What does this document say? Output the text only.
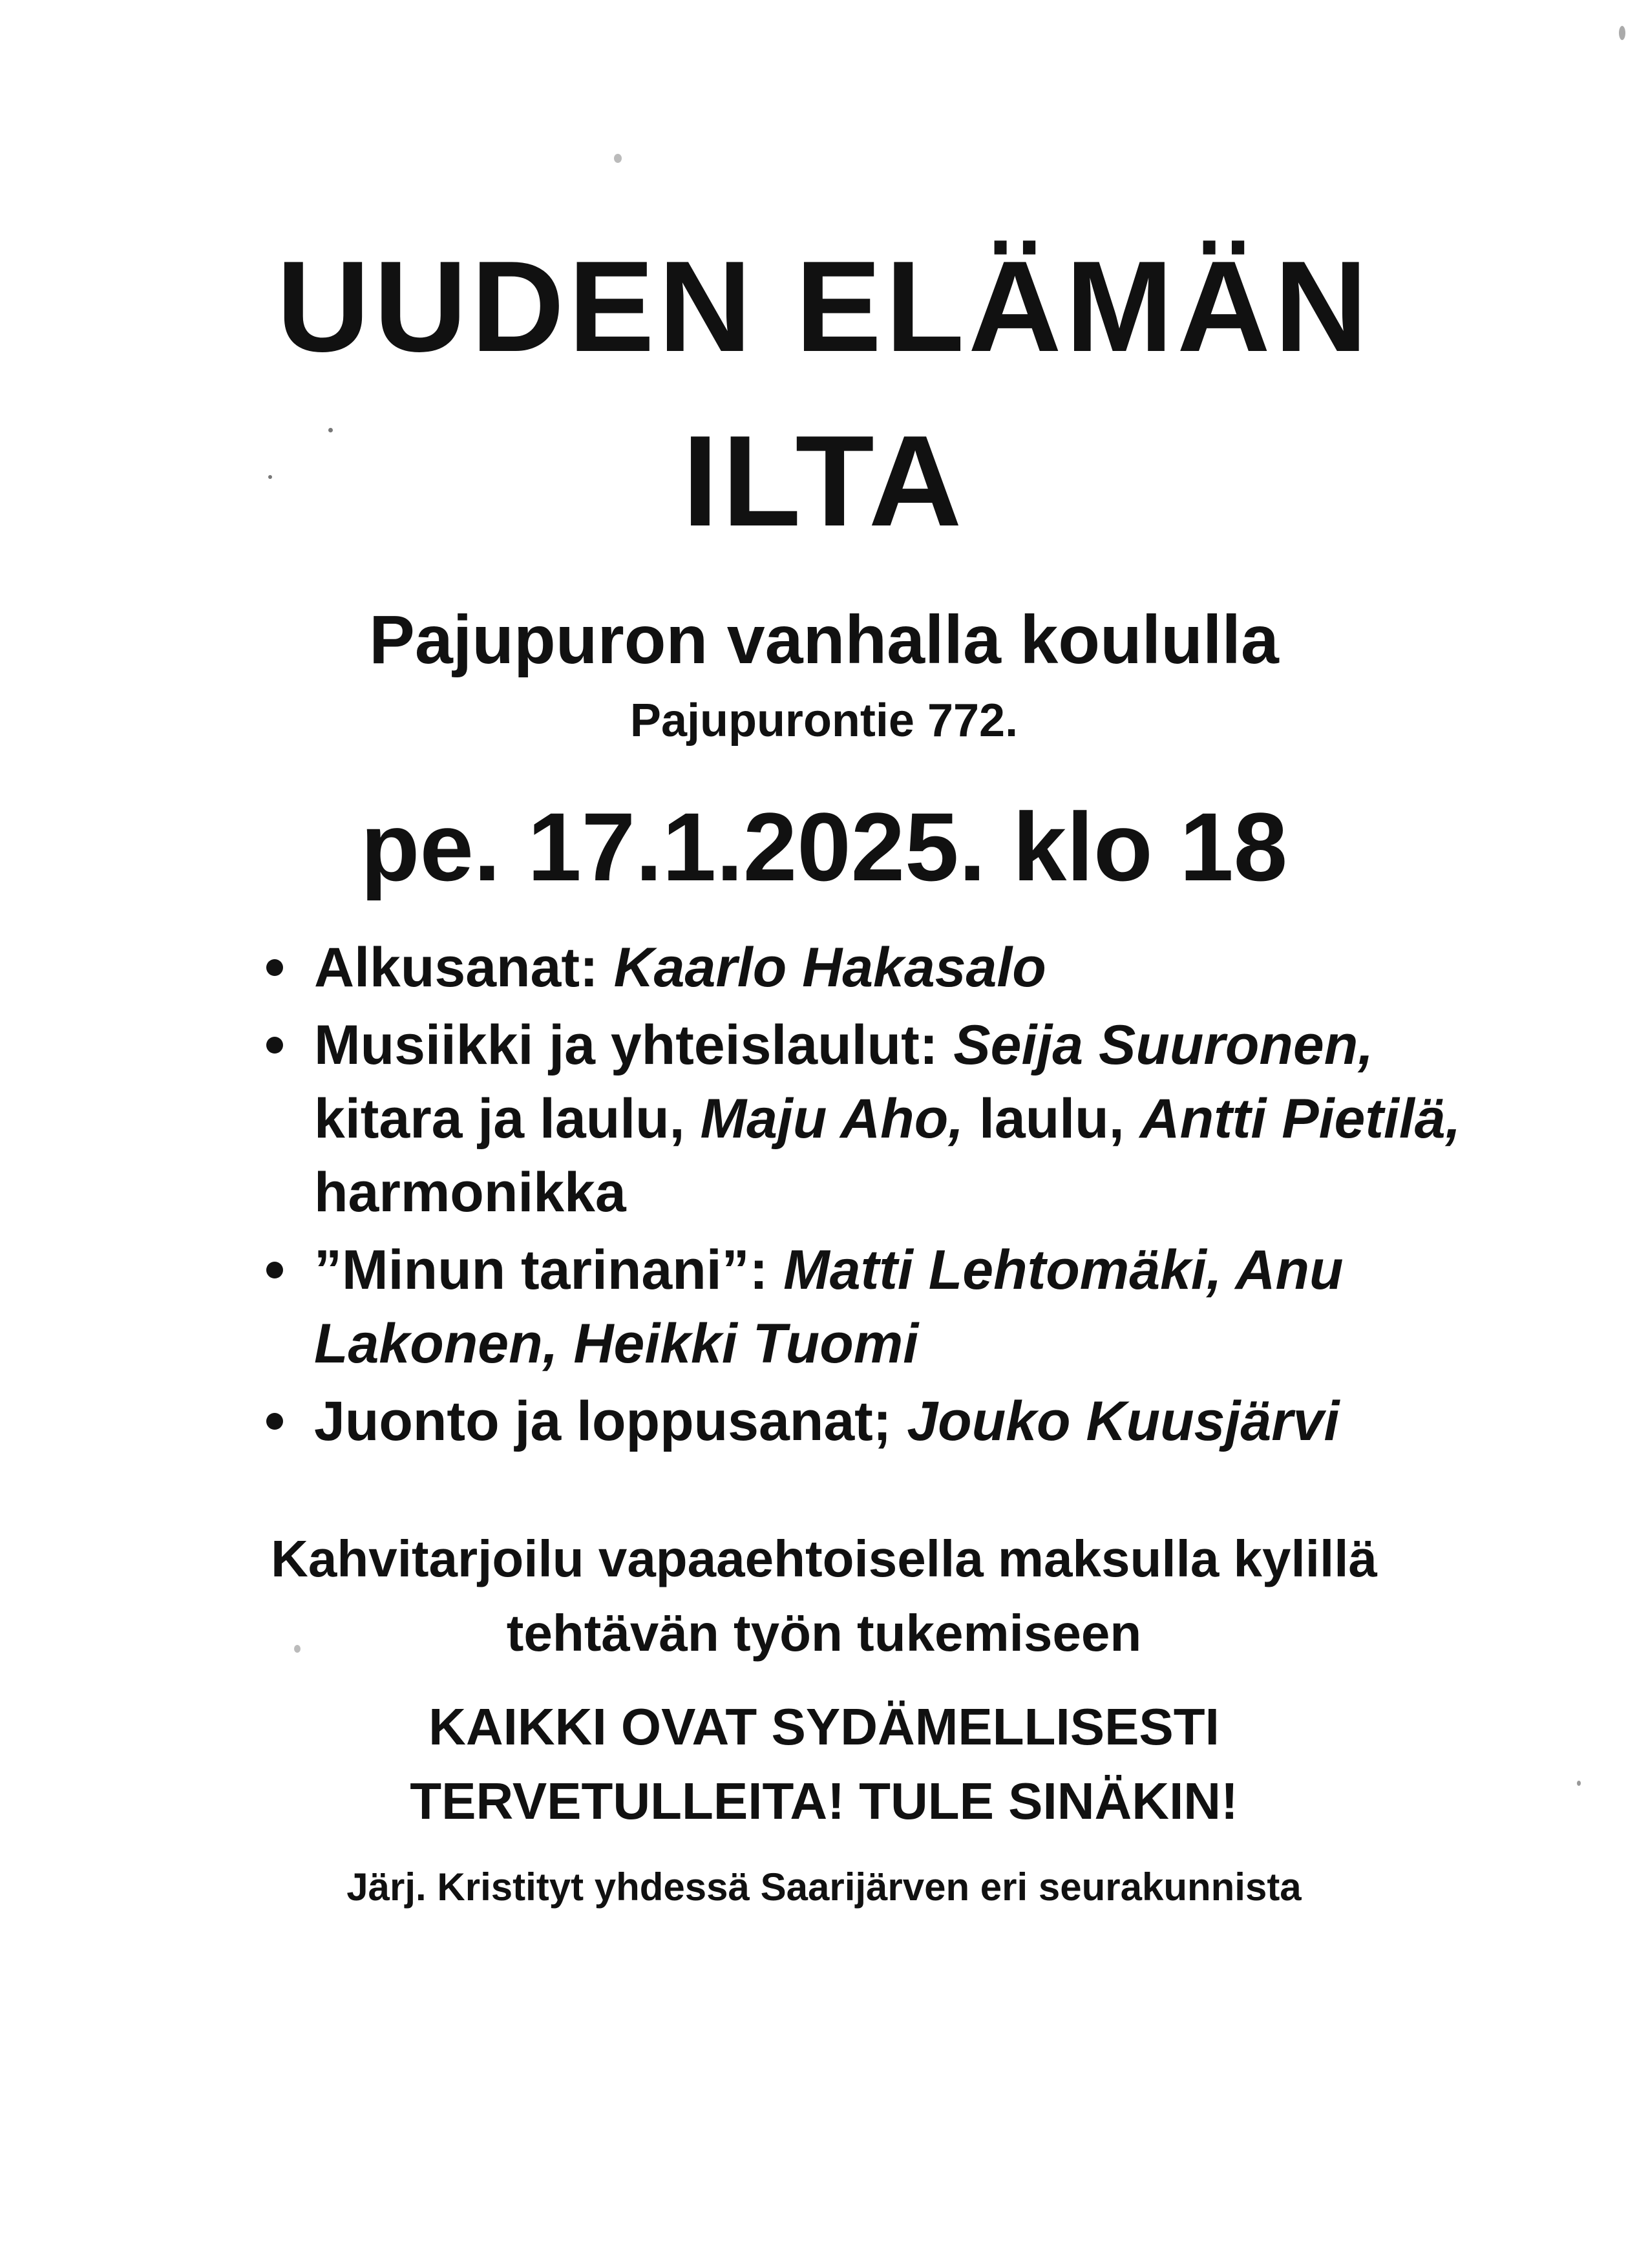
UUDEN ELÄMÄN
ILTA
Pajupuron vanhalla koululla
Pajupurontie 772.
pe. 17.1.2025. klo 18
Alkusanat: Kaarlo Hakasalo
Musiikki ja yhteislaulut: Seija Suuronen, kitara ja laulu, Maju Aho, laulu, Antti Pietilä, harmonikka
”Minun tarinani”: Matti Lehtomäki, Anu Lakonen, Heikki Tuomi
Juonto ja loppusanat; Jouko Kuusjärvi
Kahvitarjoilu vapaaehtoisella maksulla kylillä
tehtävän työn tukemiseen
KAIKKI OVAT SYDÄMELLISESTI
TERVETULLEITA! TULE SINÄKIN!
Järj. Kristityt yhdessä Saarijärven eri seurakunnista
